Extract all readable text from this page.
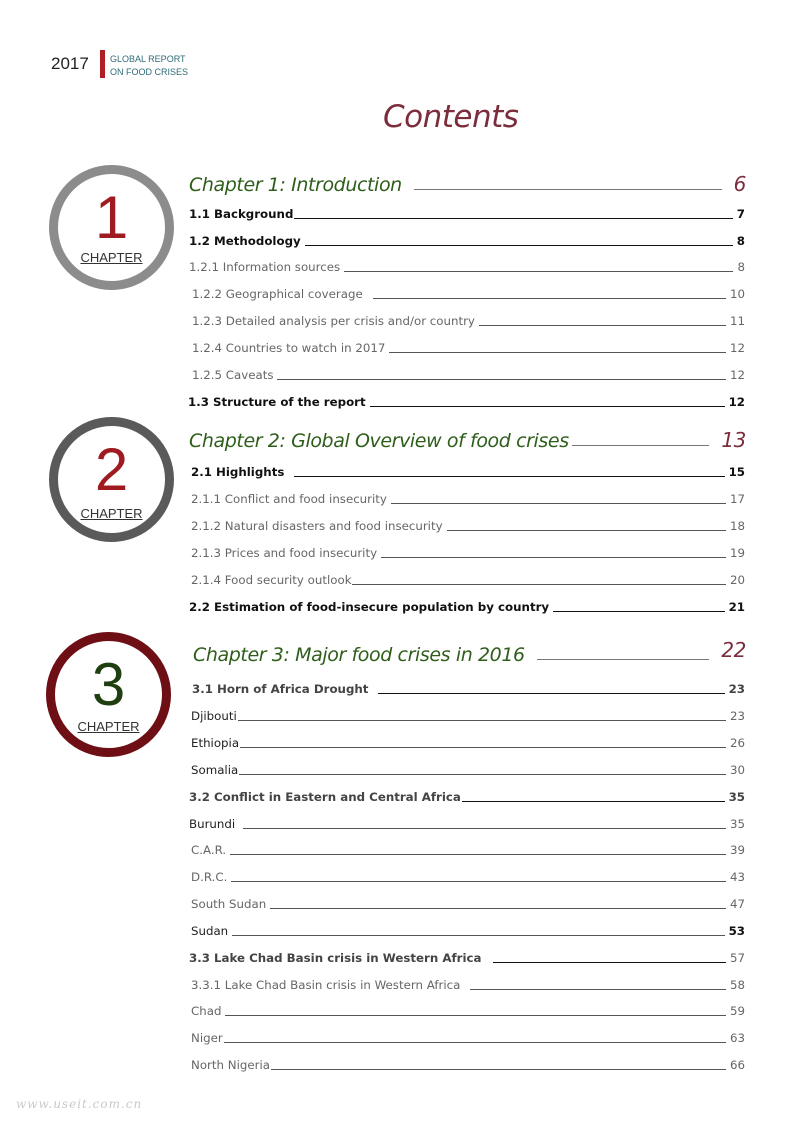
2017 GLOBAL REPORT
ON FOOD CRISES
Contents
1
CHAPTER
2
CHAPTER
3
CHAPTER
Chapter 1: Introduction	6
1.1 Background	7
1.2 Methodology	8
1.2.1 Information sources	8
1.2.2 Geographical coverage	10
1.2.3 Detailed analysis per crisis and/or country	11
1.2.4 Countries to watch in 2017	12
1.2.5 Caveats	12
1.3 Structure of the report	12
Chapter 2: Global Overview of food crises	13
2.1 Highlights	15
2.1.1 Conflict and food insecurity	17
2.1.2 Natural disasters and food insecurity	18
2.1.3 Prices and food insecurity	19
2.1.4 Food security outlook	20
2.2 Estimation of food-insecure population by country	21
Chapter 3: Major food crises in 2016	22
3.1 Horn of Africa Drought	23
Djibouti	23
Ethiopia	26
Somalia	30
3.2 Conflict in Eastern and Central Africa	35
Burundi	35
C.A.R.	39
D.R.C.	43
South Sudan	47
Sudan	53
3.3 Lake Chad Basin crisis in Western Africa	57
3.3.1 Lake Chad Basin crisis in Western Africa	58
Chad	59
Niger	63
North Nigeria	66
www.useit.com.cn
